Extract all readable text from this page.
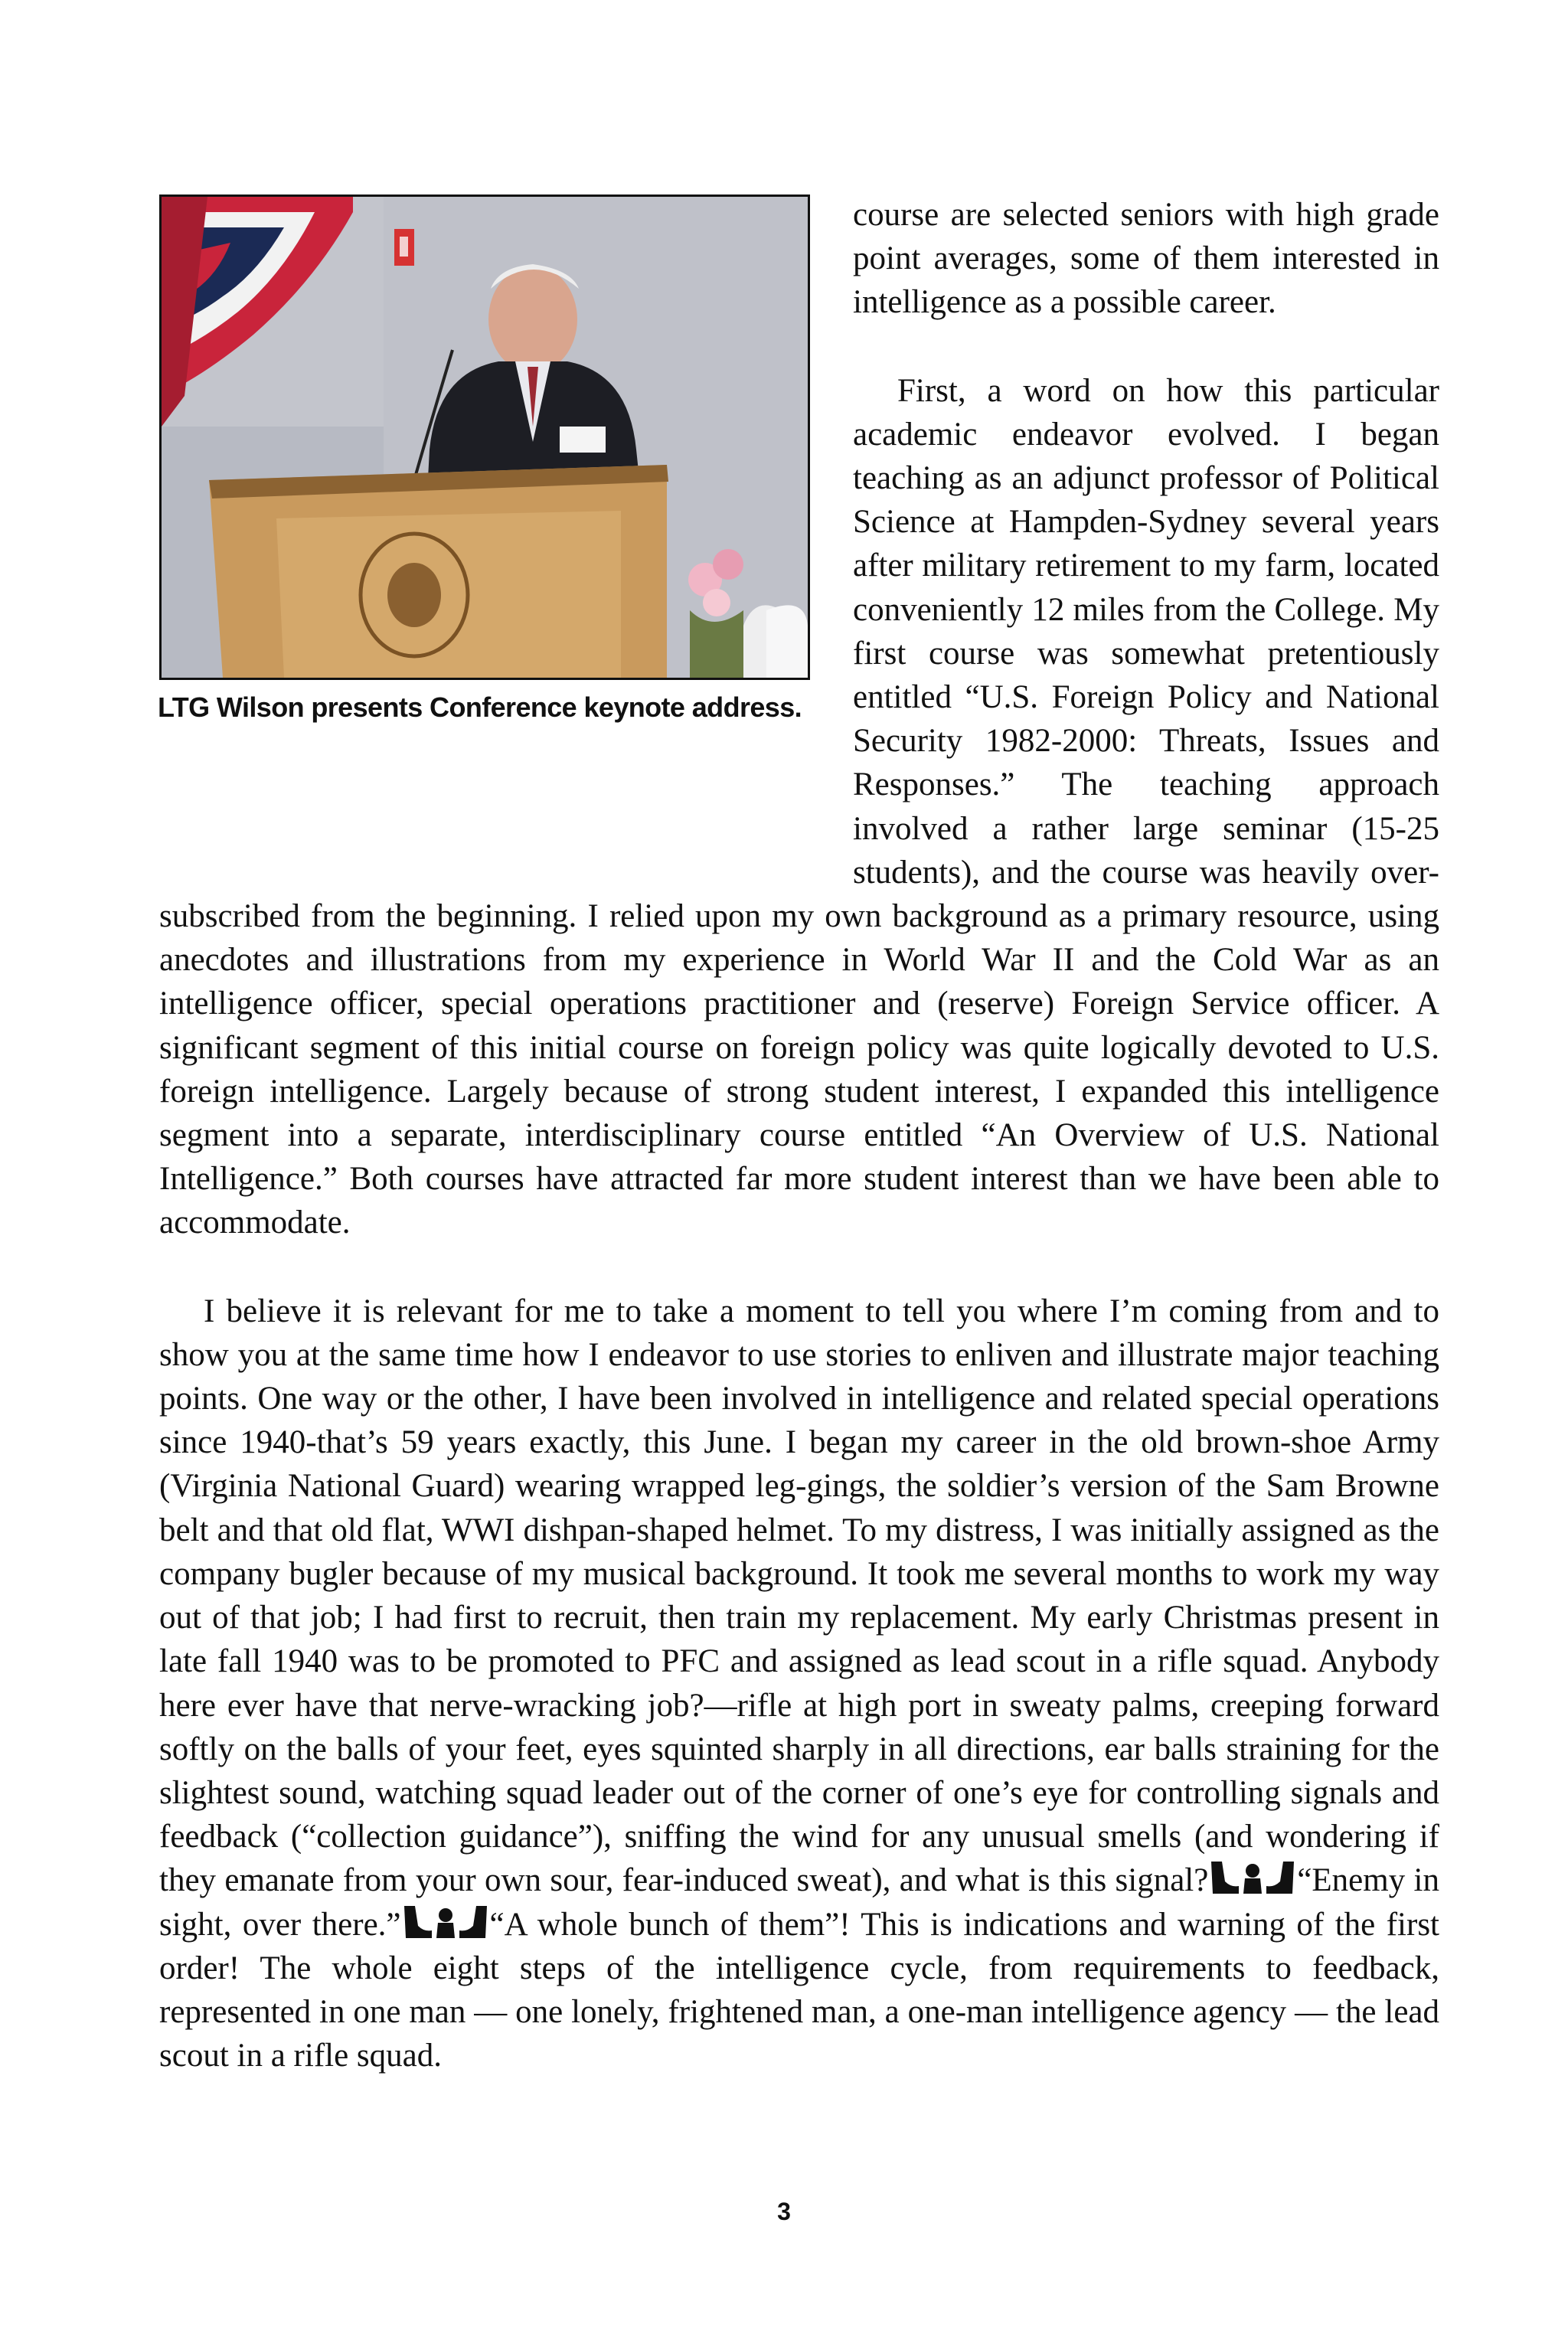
LTG Wilson presents Conference keynote address.

course are selected seniors with high grade point averages, some of them interested in intelligence as a possible career.

First, a word on how this particular academic endeavor evolved. I began teaching as an adjunct professor of Political Science at Hampden-Sydney several years after military retirement to my farm, located conveniently 12 miles from the College. My first course was somewhat pretentiously entitled “U.S. Foreign Policy and National Security 1982-2000: Threats, Issues and Responses.” The teaching approach involved a rather large seminar (15-25 students), and the course was heavily over-subscribed from the beginning. I relied upon my own background as a primary resource, using anecdotes and illustrations from my experience in World War II and the Cold War as an intelligence officer, special operations practitioner and (reserve) Foreign Service officer. A significant segment of this initial course on foreign policy was quite logically devoted to U.S. foreign intelligence. Largely because of strong student interest, I expanded this intelligence segment into a separate, interdisciplinary course entitled “An Overview of U.S. National Intelligence.” Both courses have attracted far more student interest than we have been able to accommodate.

I believe it is relevant for me to take a moment to tell you where I’m coming from and to show you at the same time how I endeavor to use stories to enliven and illustrate major teaching points. One way or the other, I have been involved in intelligence and related special operations since 1940-that’s 59 years exactly, this June. I began my career in the old brown-shoe Army (Virginia National Guard) wearing wrapped leg-gings, the soldier’s version of the Sam Browne belt and that old flat, WWI dishpan-shaped helmet. To my distress, I was initially assigned as the company bugler because of my musical background. It took me several months to work my way out of that job; I had first to recruit, then train my replacement. My early Christmas present in late fall 1940 was to be promoted to PFC and assigned as lead scout in a rifle squad. Anybody here ever have that nerve-wracking job?—rifle at high port in sweaty palms, creeping forward softly on the balls of your feet, eyes squinted sharply in all directions, ear balls straining for the slightest sound, watching squad leader out of the corner of one’s eye for controlling signals and feedback (“collection guidance”), sniffing the wind for any unusual smells (and wondering if they emanate from your own sour, fear-induced sweat), and what is this signal?	“Enemy in sight, over there.”	“A whole bunch of them”! This is indications and warning of the first order! The whole eight steps of the intelligence cycle, from requirements to feedback, represented in one man — one lonely, frightened man, a one-man intelligence agency — the lead scout in a rifle squad.

3
